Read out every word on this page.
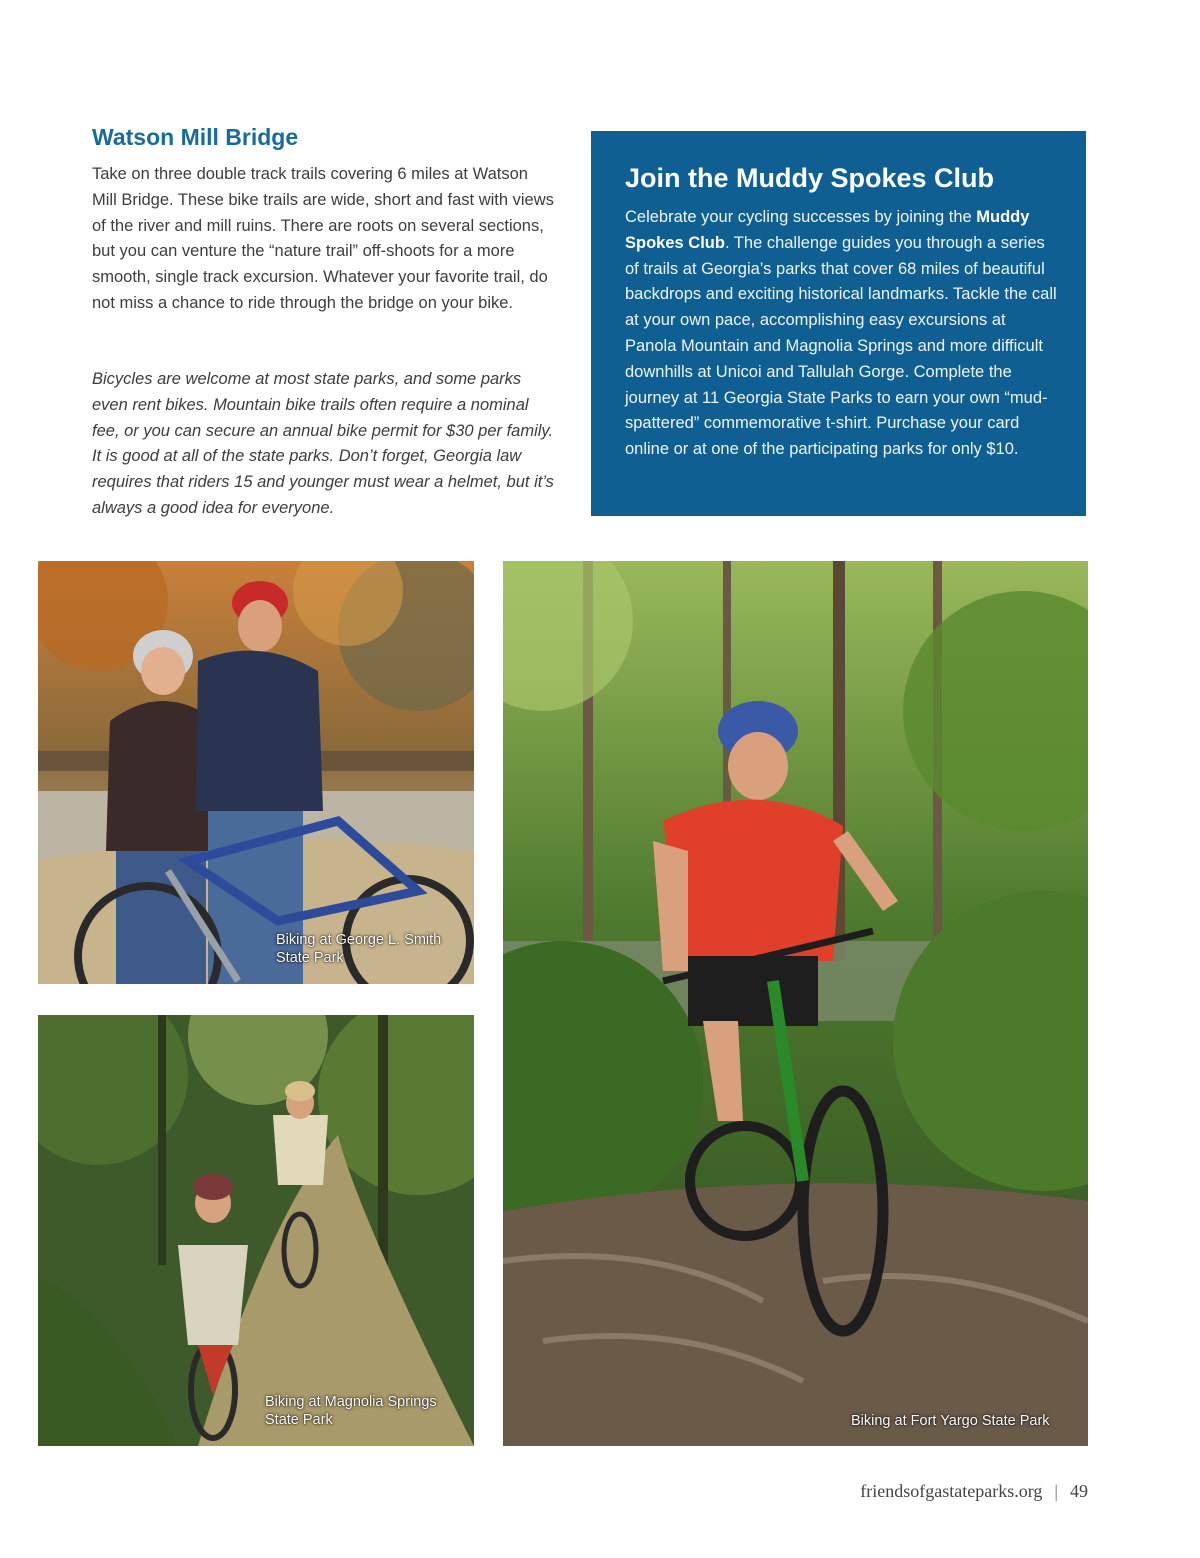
Watson Mill Bridge

Take on three double track trails covering 6 miles at Watson Mill Bridge. These bike trails are wide, short and fast with views of the river and mill ruins. There are roots on several sections, but you can venture the “nature trail” off-shoots for a more smooth, single track excursion. Whatever your favorite trail, do not miss a chance to ride through the bridge on your bike.

Bicycles are welcome at most state parks, and some parks even rent bikes. Mountain bike trails often require a nominal fee, or you can secure an annual bike permit for $30 per family. It is good at all of the state parks. Don’t forget, Georgia law requires that riders 15 and younger must wear a helmet, but it’s always a good idea for everyone.

Join the Muddy Spokes Club

Celebrate your cycling successes by joining the Muddy Spokes Club. The challenge guides you through a series of trails at Georgia’s parks that cover 68 miles of beautiful backdrops and exciting historical landmarks. Tackle the call at your own pace, accomplishing easy excursions at Panola Mountain and Magnolia Springs and more difficult downhills at Unicoi and Tallulah Gorge. Complete the journey at 11 Georgia State Parks to earn your own “mud-spattered” commemorative t-shirt. Purchase your card online or at one of the participating parks for only $10.

Biking at George L. Smith
State Park
Biking at Magnolia Springs
State Park	Biking at Fort Yargo State Park
friendsofgastateparks.org | 49
